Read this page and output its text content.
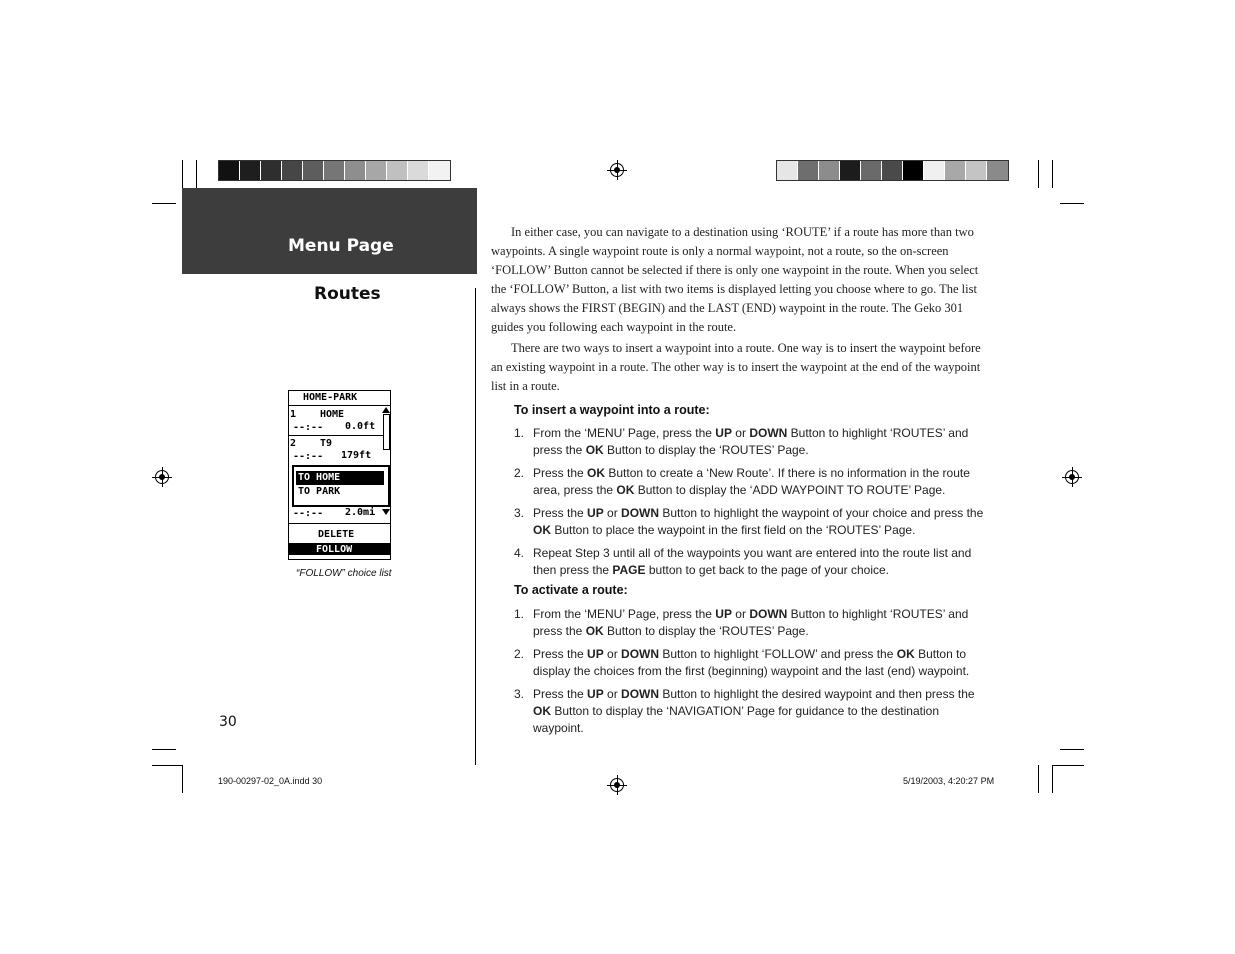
Menu Page
Routes
HOME-PARK
1 HOME
--:-- 0.0ft
2 T9
--:-- 179ft
TO HOME
TO PARK
--:-- 2.0mi
DELETE
FOLLOW
“FOLLOW” choice list

In either case, you can navigate to a destination using ‘ROUTE’ if a route has more than two waypoints. A single waypoint route is only a normal waypoint, not a route, so the on-screen ‘FOLLOW’ Button cannot be selected if there is only one waypoint in the route. When you select the ‘FOLLOW’ Button, a list with two items is displayed letting you choose where to go. The list always shows the FIRST (BEGIN) and the LAST (END) waypoint in the route. The Geko 301 guides you following each waypoint in the route.

There are two ways to insert a waypoint into a route. One way is to insert the waypoint before an existing waypoint in a route. The other way is to insert the waypoint at the end of the waypoint list in a route.

To insert a waypoint into a route:
1. From the ‘MENU’ Page, press the UP or DOWN Button to highlight ‘ROUTES’ and press the OK Button to display the ‘ROUTES’ Page.
2. Press the OK Button to create a ‘New Route’. If there is no information in the route area, press the OK Button to display the ‘ADD WAYPOINT TO ROUTE’ Page.
3. Press the UP or DOWN Button to highlight the waypoint of your choice and press the OK Button to place the waypoint in the first field on the ‘ROUTES’ Page.
4. Repeat Step 3 until all of the waypoints you want are entered into the route list and then press the PAGE button to get back to the page of your choice.
To activate a route:
1. From the ‘MENU’ Page, press the UP or DOWN Button to highlight ‘ROUTES’ and press the OK Button to display the ‘ROUTES’ Page.
2. Press the UP or DOWN Button to highlight ‘FOLLOW’ and press the OK Button to display the choices from the first (beginning) waypoint and the last (end) waypoint.
3. Press the UP or DOWN Button to highlight the desired waypoint and then press the OK Button to display the ‘NAVIGATION’ Page for guidance to the destination waypoint.
30
190-00297-02_0A.indd 30	5/19/2003, 4:20:27 PM
